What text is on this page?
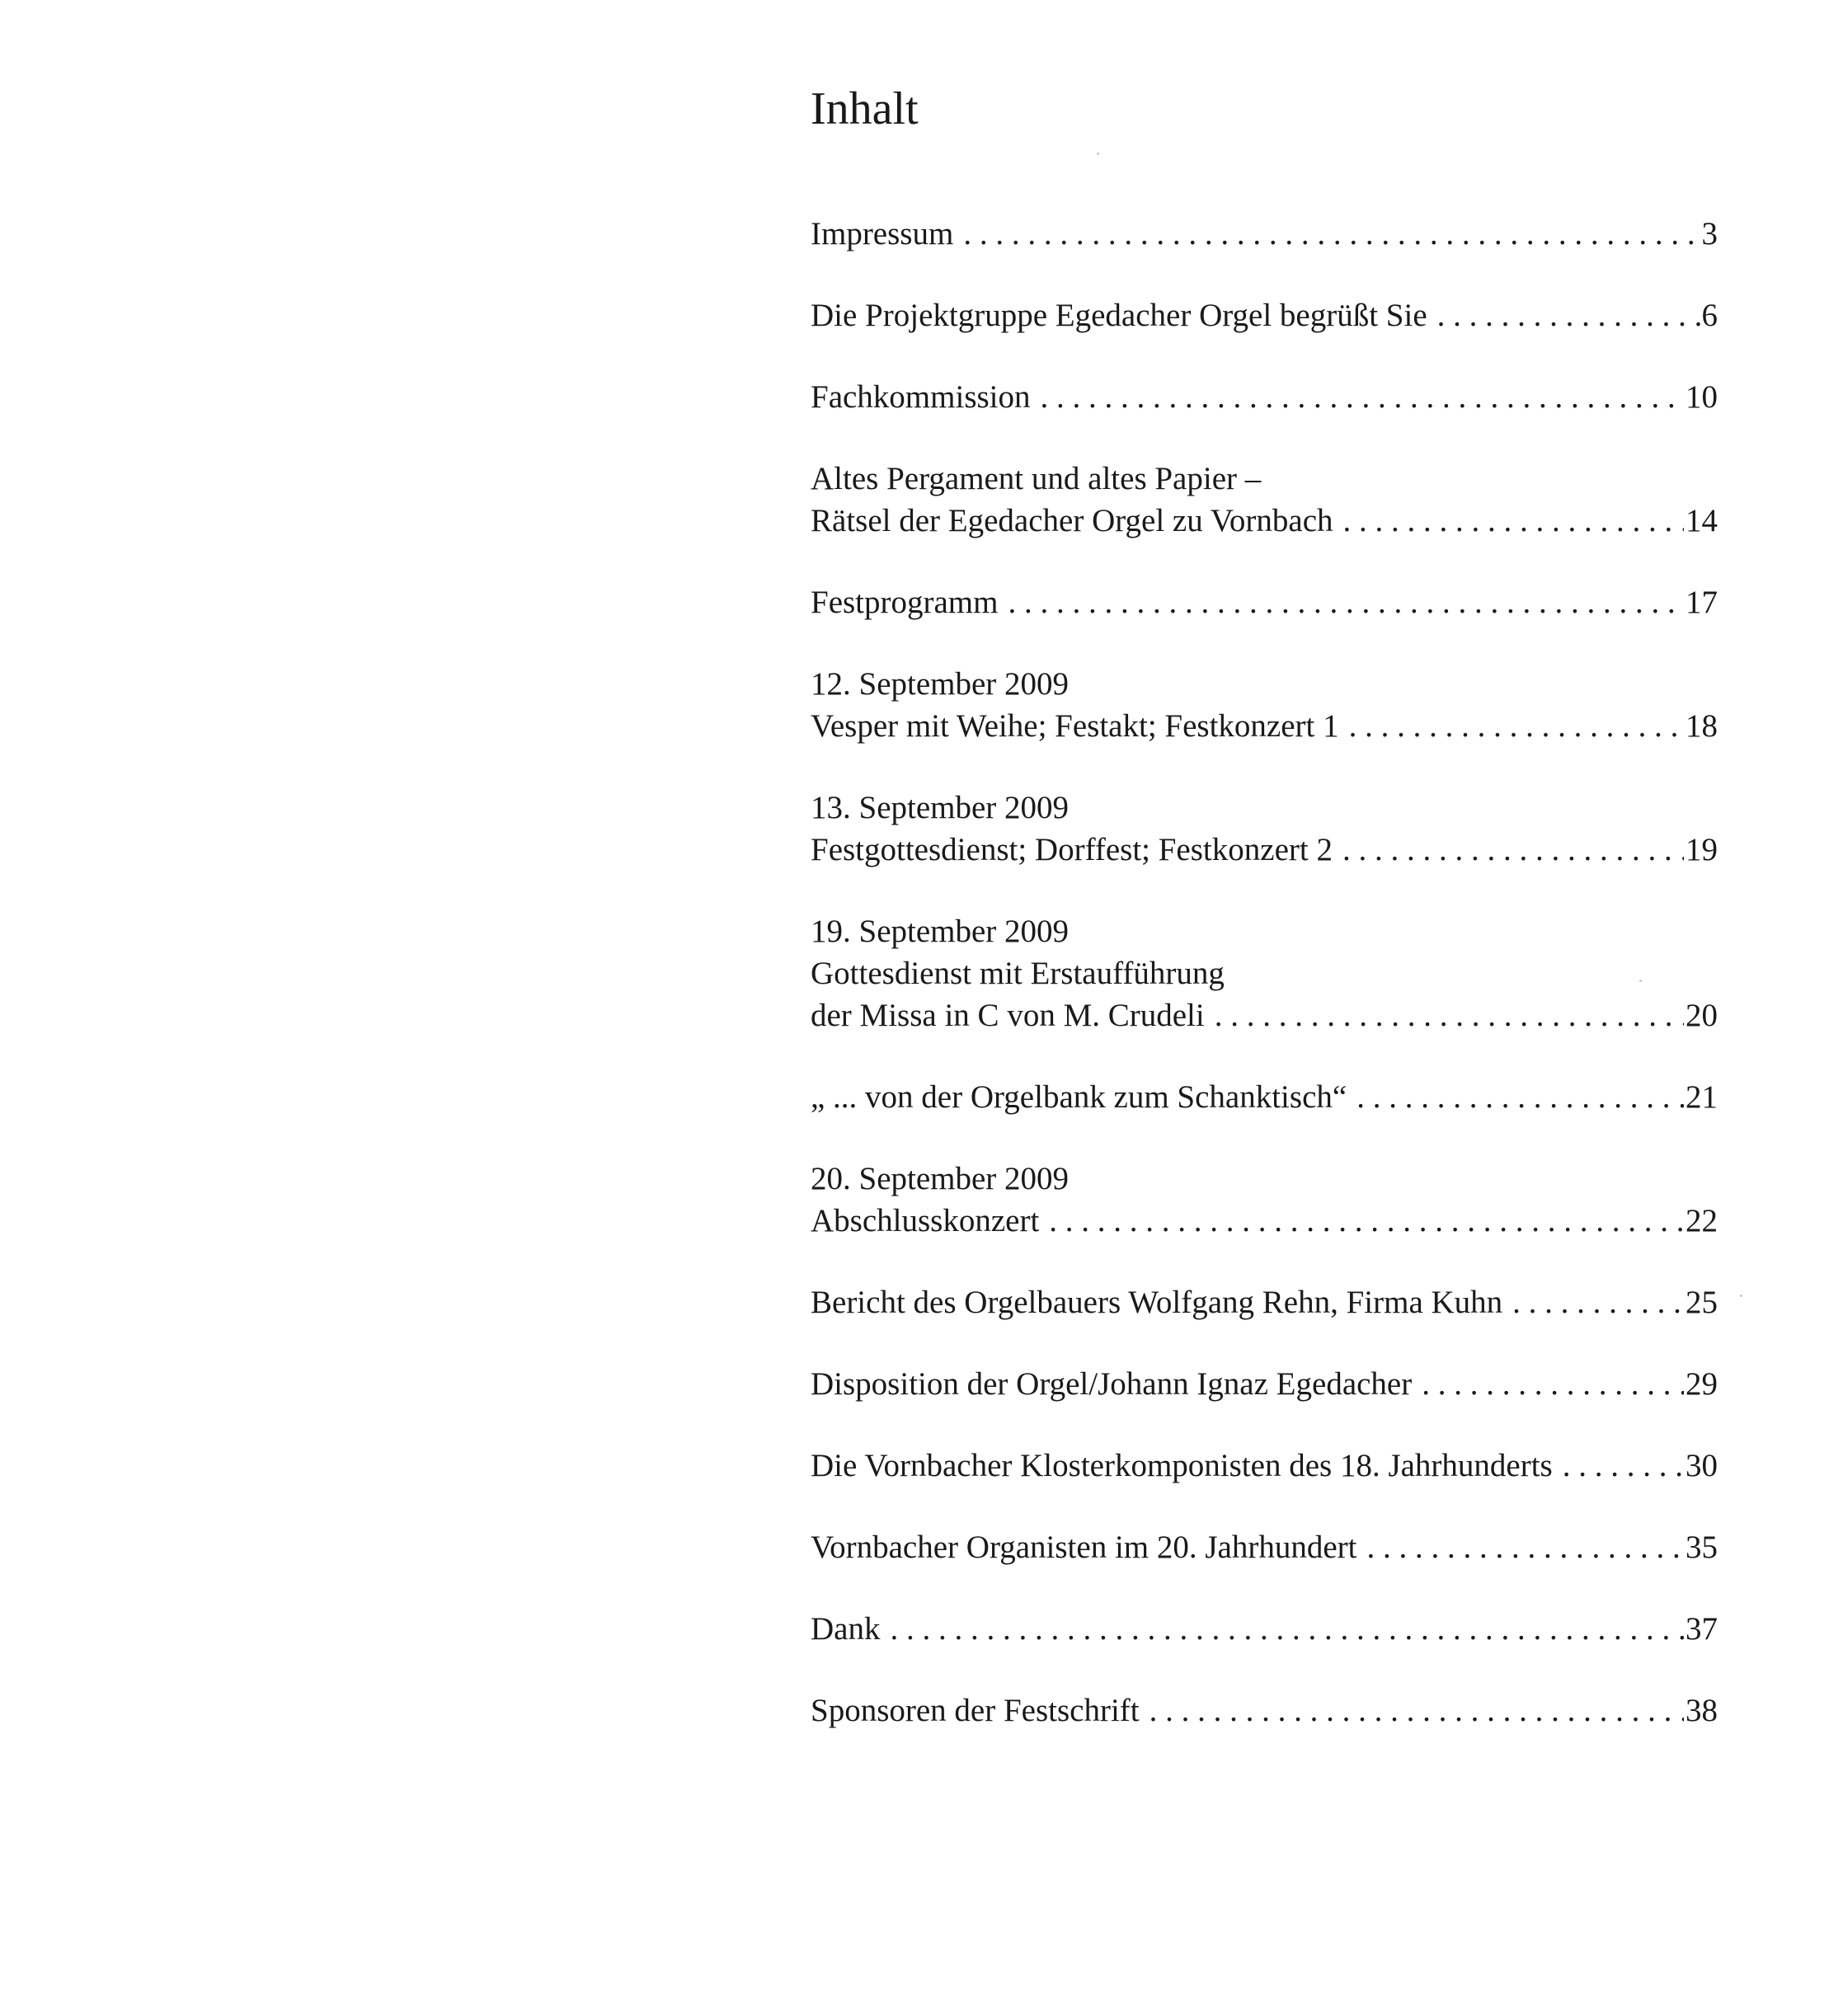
Inhalt
Impressum . . .	3
Die Projektgruppe Egedacher Orgel begrüßt Sie . . .	6
Fachkommission . . .	10
Altes Pergament und altes Papier –
Rätsel der Egedacher Orgel zu Vornbach . . .	14
Festprogramm . . .	17
12. September 2009
Vesper mit Weihe; Festakt; Festkonzert 1 . . .	18
13. September 2009
Festgottesdienst; Dorffest; Festkonzert 2 . . .	19
19. September 2009
Gottesdienst mit Erstaufführung
der Missa in C von M. Crudeli . . .	20
„ ... von der Orgelbank zum Schanktisch“ . . .	21
20. September 2009
Abschlusskonzert . . .	22
Bericht des Orgelbauers Wolfgang Rehn, Firma Kuhn . . .	25
Disposition der Orgel/Johann Ignaz Egedacher . . .	29
Die Vornbacher Klosterkomponisten des 18. Jahrhunderts . . .	30
Vornbacher Organisten im 20. Jahrhundert . . .	35
Dank . . .	37
Sponsoren der Festschrift . . .	38
